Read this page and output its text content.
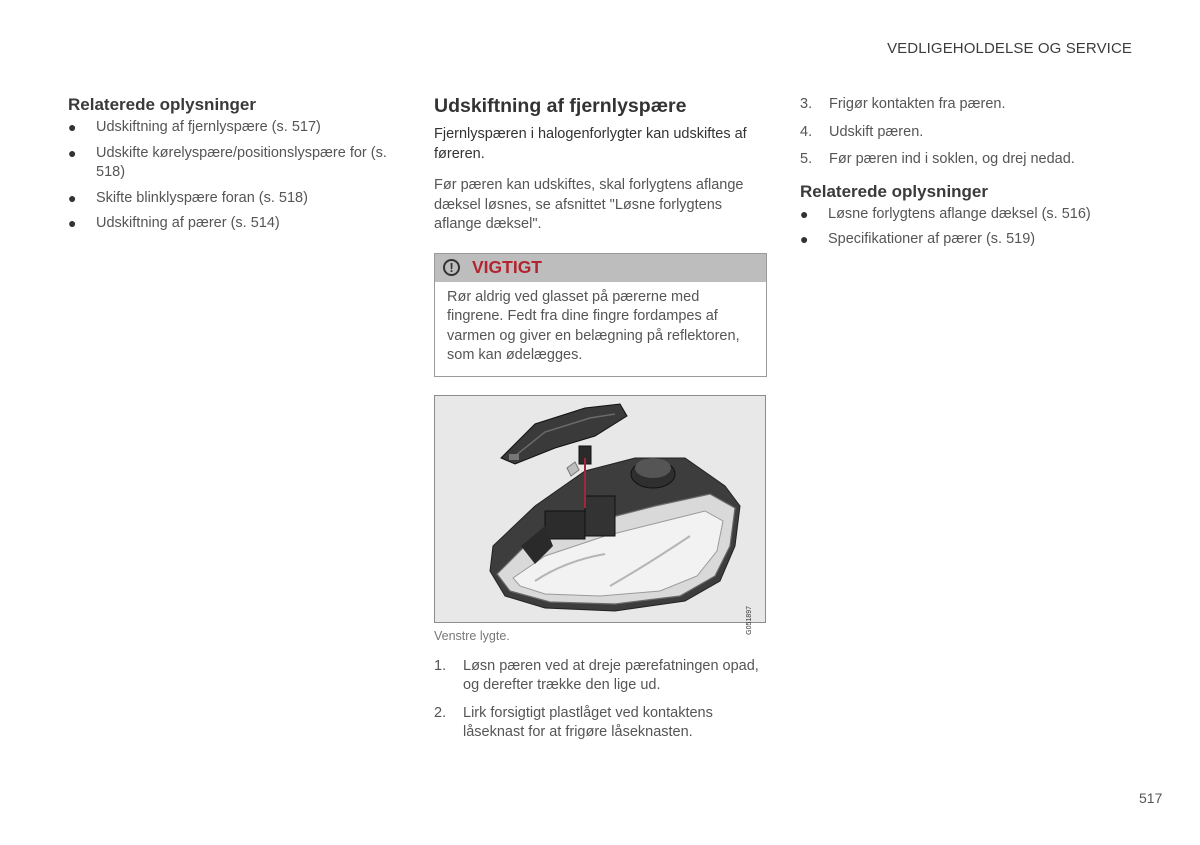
VEDLIGEHOLDELSE OG SERVICE
Relaterede oplysninger
● Udskiftning af fjernlyspære (s. 517)
● Udskifte kørelyspære/positionslyspære for (s. 518)
● Skifte blinklyspære foran (s. 518)
● Udskiftning af pærer (s. 514)
Udskiftning af fjernlyspære

Fjernlyspæren i halogenforlygter kan udskiftes af føreren.

Før pæren kan udskiftes, skal forlygtens aflange dæksel løsnes, se afsnittet "Løsne forlygtens aflange dæksel".

!	VIGTIGT
Rør aldrig ved glasset på pærerne med fingrene. Fedt fra dine fingre fordampes af varmen og giver en belægning på reflektoren, som kan ødelægges.
G051897
Venstre lygte.
1. Løsn pæren ved at dreje pærefatningen opad, og derefter trække den lige ud.
2. Lirk forsigtigt plastlåget ved kontaktens låseknast for at frigøre låseknasten.
3. Frigør kontakten fra pæren.
4. Udskift pæren.
5. Før pæren ind i soklen, og drej nedad.
Relaterede oplysninger
● Løsne forlygtens aflange dæksel (s. 516)
● Specifikationer af pærer (s. 519)
517
